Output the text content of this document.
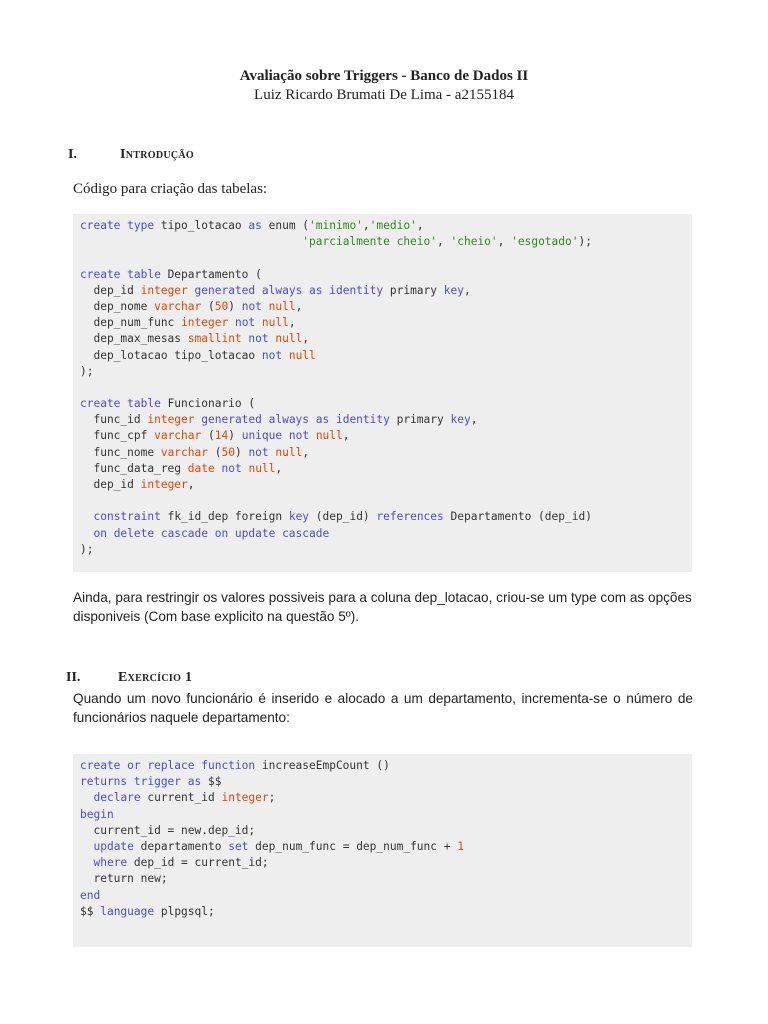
Avaliação sobre Triggers - Banco de Dados II
Luiz Ricardo Brumati De Lima - a2155184
I.	Introdução
Código para criação das tabelas:
create type tipo_lotacao as enum ('minimo','medio',
'parcialmente cheio', 'cheio', 'esgotado');
create table Departamento (
dep_id integer generated always as identity primary key,
dep_nome varchar (50) not null,
dep_num_func integer not null,
dep_max_mesas smallint not null,
dep_lotacao tipo_lotacao not null
);
create table Funcionario (
func_id integer generated always as identity primary key,
func_cpf varchar (14) unique not null,
func_nome varchar (50) not null,
func_data_reg date not null,
dep_id integer,
constraint fk_id_dep foreign key (dep_id) references Departamento (dep_id)
on delete cascade on update cascade
);
Ainda, para restringir os valores possiveis para a coluna dep_lotacao, criou-se um type com as opções disponiveis (Com base explicito na questão 5º).
II.	Exercício 1
Quando um novo funcionário é inserido e alocado a um departamento, incrementa-se o número de funcionários naquele departamento:
create or replace function increaseEmpCount ()
returns trigger as $$
declare current_id integer;
begin
current_id = new.dep_id;
update departamento set dep_num_func = dep_num_func + 1
where dep_id = current_id;
return new;
end
$$ language plpgsql;
